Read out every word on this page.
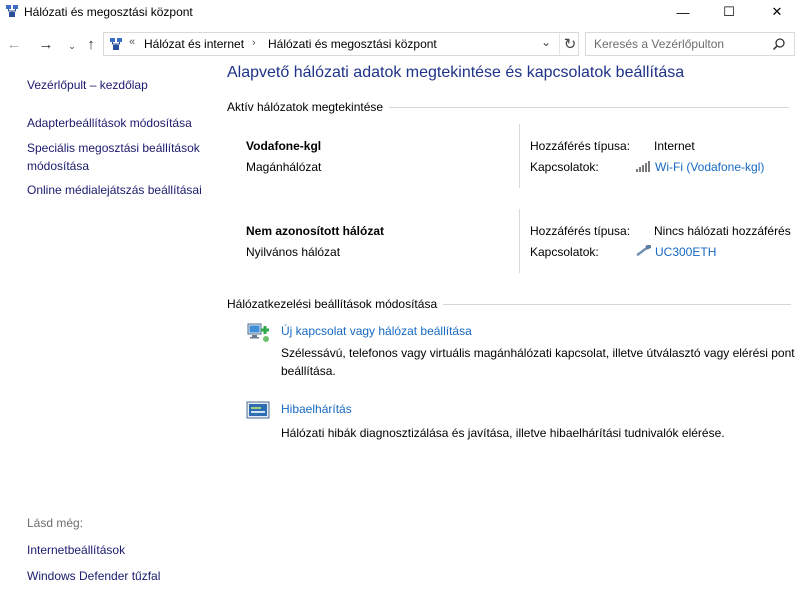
Hálózati és megosztási központ	—	☐	✕
← → ⌄ ↑	« Hálózat és internet › Hálózati és megosztási központ	⌄ ↻ Keresés a Vezérlőpulton
Vezérlőpult – kezdőlap
Adapterbeállítások módosítása
Speciális megosztási beállítások módosítása
Online médialejátszás beállításai
Lásd még:
Internetbeállítások
Windows Defender tűzfal
Alapvető hálózati adatok megtekintése és kapcsolatok beállítása
Aktív hálózatok megtekintése
Vodafone-kgl
Magánhálózat
Hozzáférés típusa: Internet
Kapcsolatok:	Wi-Fi (Vodafone-kgl)
Nem azonosított hálózat
Nyilvános hálózat
Hozzáférés típusa: Nincs hálózati hozzáférés
Kapcsolatok:	UC300ETH
Hálózatkezelési beállítások módosítása
Új kapcsolat vagy hálózat beállítása
Szélessávú, telefonos vagy virtuális magánhálózati kapcsolat, illetve útválasztó vagy elérési pont beállítása.
Hibaelhárítás
Hálózati hibák diagnosztizálása és javítása, illetve hibaelhárítási tudnivalók elérése.
